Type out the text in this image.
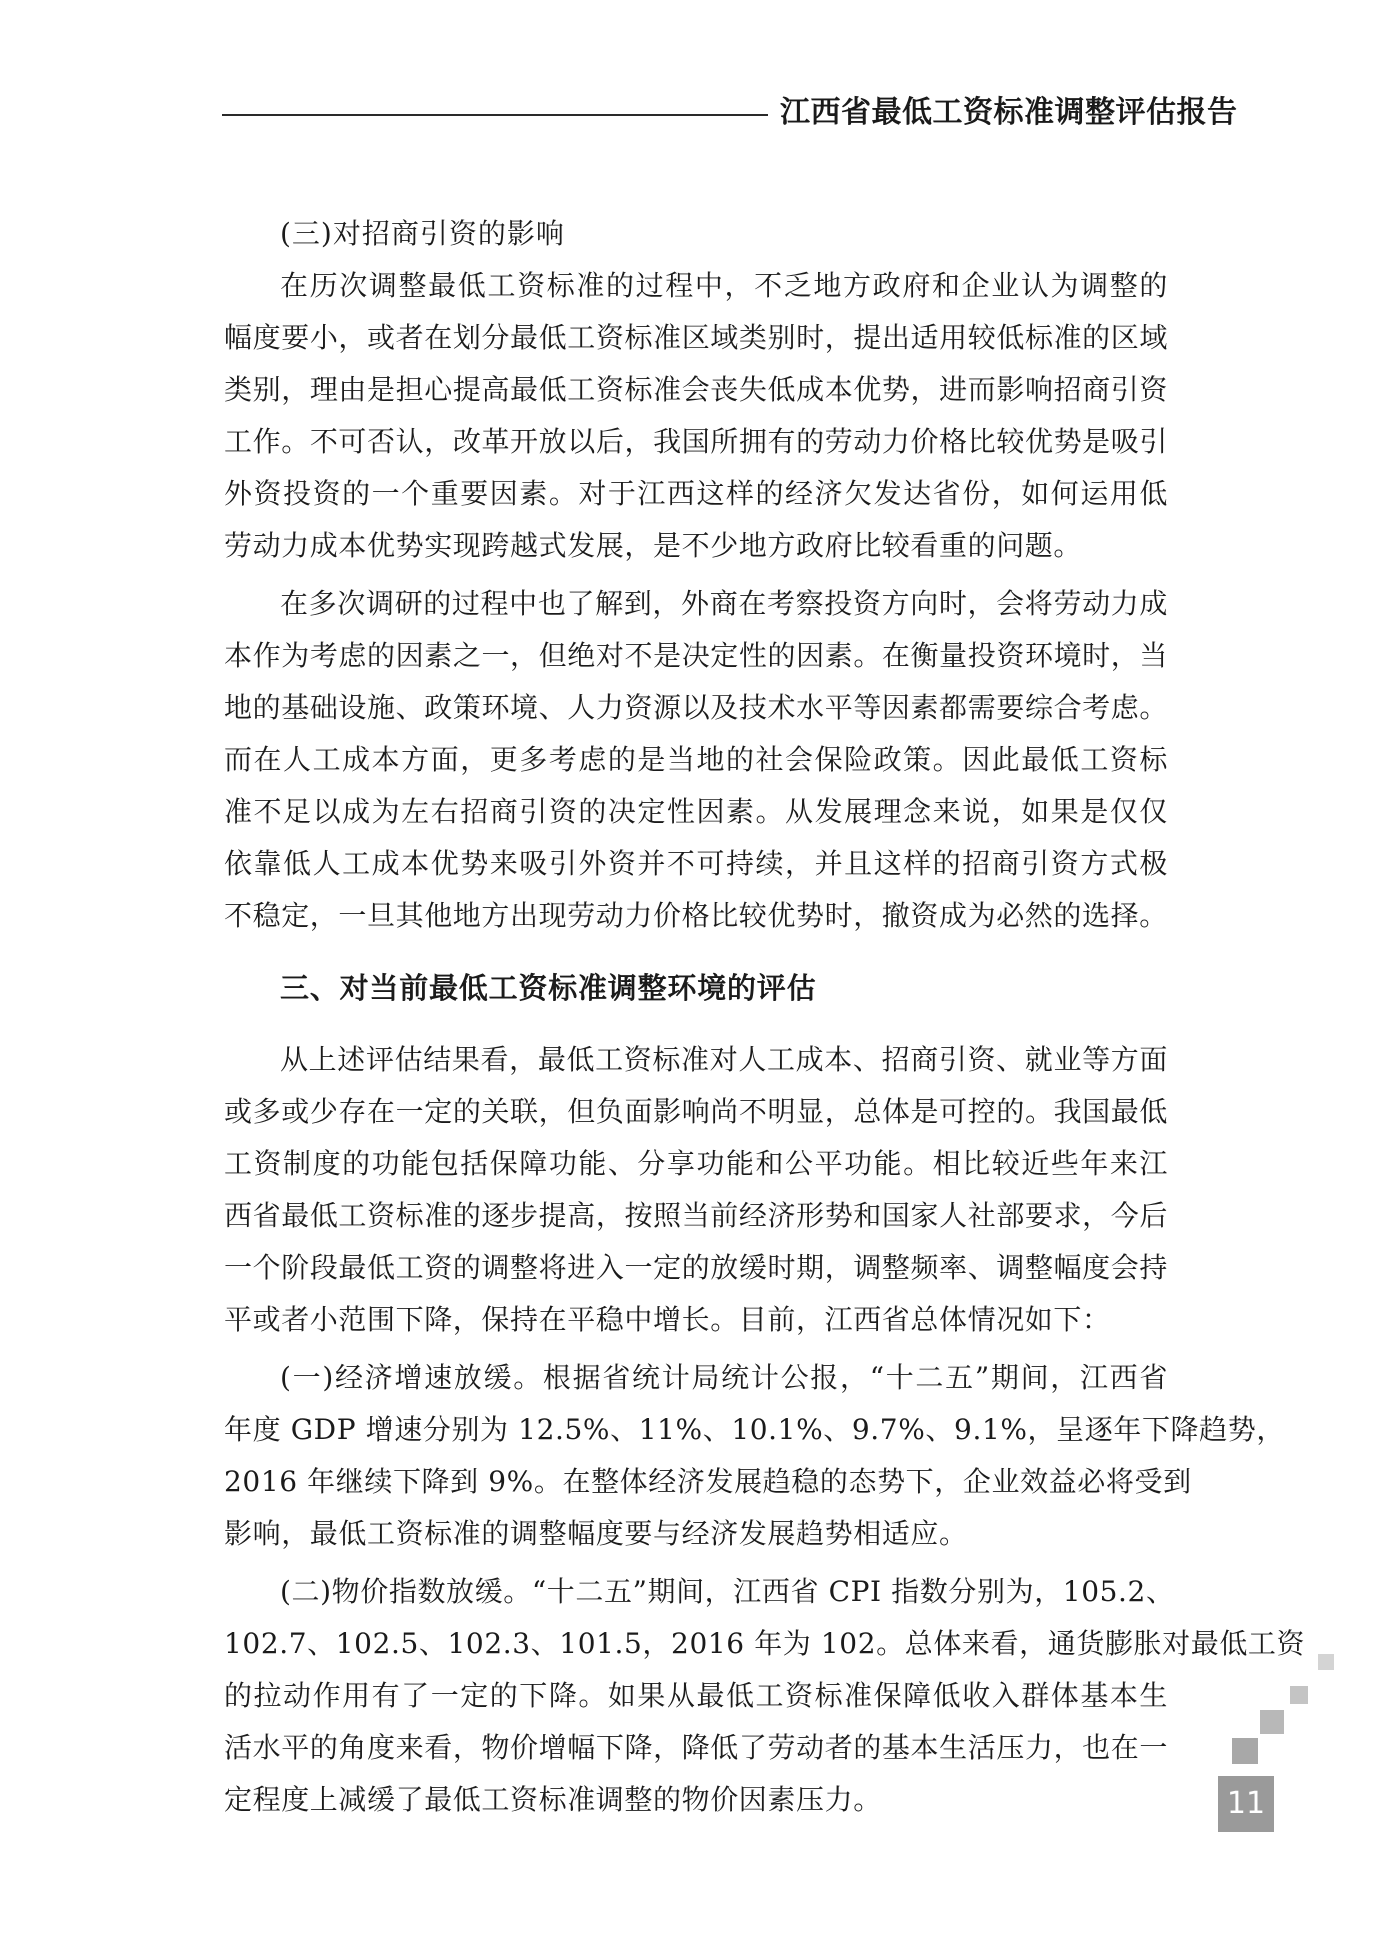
江西省最低工资标准调整评估报告
(三)对招商引资的影响
在历次调整最低工资标准的过程中，不乏地方政府和企业认为调整的
幅度要小，或者在划分最低工资标准区域类别时，提出适用较低标准的区域
类别，理由是担心提高最低工资标准会丧失低成本优势，进而影响招商引资
工作。不可否认，改革开放以后，我国所拥有的劳动力价格比较优势是吸引
外资投资的一个重要因素。对于江西这样的经济欠发达省份，如何运用低
劳动力成本优势实现跨越式发展，是不少地方政府比较看重的问题。
在多次调研的过程中也了解到，外商在考察投资方向时，会将劳动力成
本作为考虑的因素之一，但绝对不是决定性的因素。在衡量投资环境时，当
地的基础设施、政策环境、人力资源以及技术水平等因素都需要综合考虑。
而在人工成本方面，更多考虑的是当地的社会保险政策。因此最低工资标
准不足以成为左右招商引资的决定性因素。从发展理念来说，如果是仅仅
依靠低人工成本优势来吸引外资并不可持续，并且这样的招商引资方式极
不稳定，一旦其他地方出现劳动力价格比较优势时，撤资成为必然的选择。
三、对当前最低工资标准调整环境的评估
从上述评估结果看，最低工资标准对人工成本、招商引资、就业等方面
或多或少存在一定的关联，但负面影响尚不明显，总体是可控的。我国最低
工资制度的功能包括保障功能、分享功能和公平功能。相比较近些年来江
西省最低工资标准的逐步提高，按照当前经济形势和国家人社部要求，今后
一个阶段最低工资的调整将进入一定的放缓时期，调整频率、调整幅度会持
平或者小范围下降，保持在平稳中增长。目前，江西省总体情况如下：
(一)经济增速放缓。根据省统计局统计公报，“十二五”期间，江西省
年度 GDP 增速分别为 12.5%、11%、10.1%、9.7%、9.1%，呈逐年下降趋势，
2016 年继续下降到 9%。在整体经济发展趋稳的态势下，企业效益必将受到
影响，最低工资标准的调整幅度要与经济发展趋势相适应。
(二)物价指数放缓。“十二五”期间，江西省 CPI 指数分别为，105.2、
102.7、102.5、102.3、101.5，2016 年为 102。总体来看，通货膨胀对最低工资
的拉动作用有了一定的下降。如果从最低工资标准保障低收入群体基本生
活水平的角度来看，物价增幅下降，降低了劳动者的基本生活压力，也在一
定程度上减缓了最低工资标准调整的物价因素压力。	11
